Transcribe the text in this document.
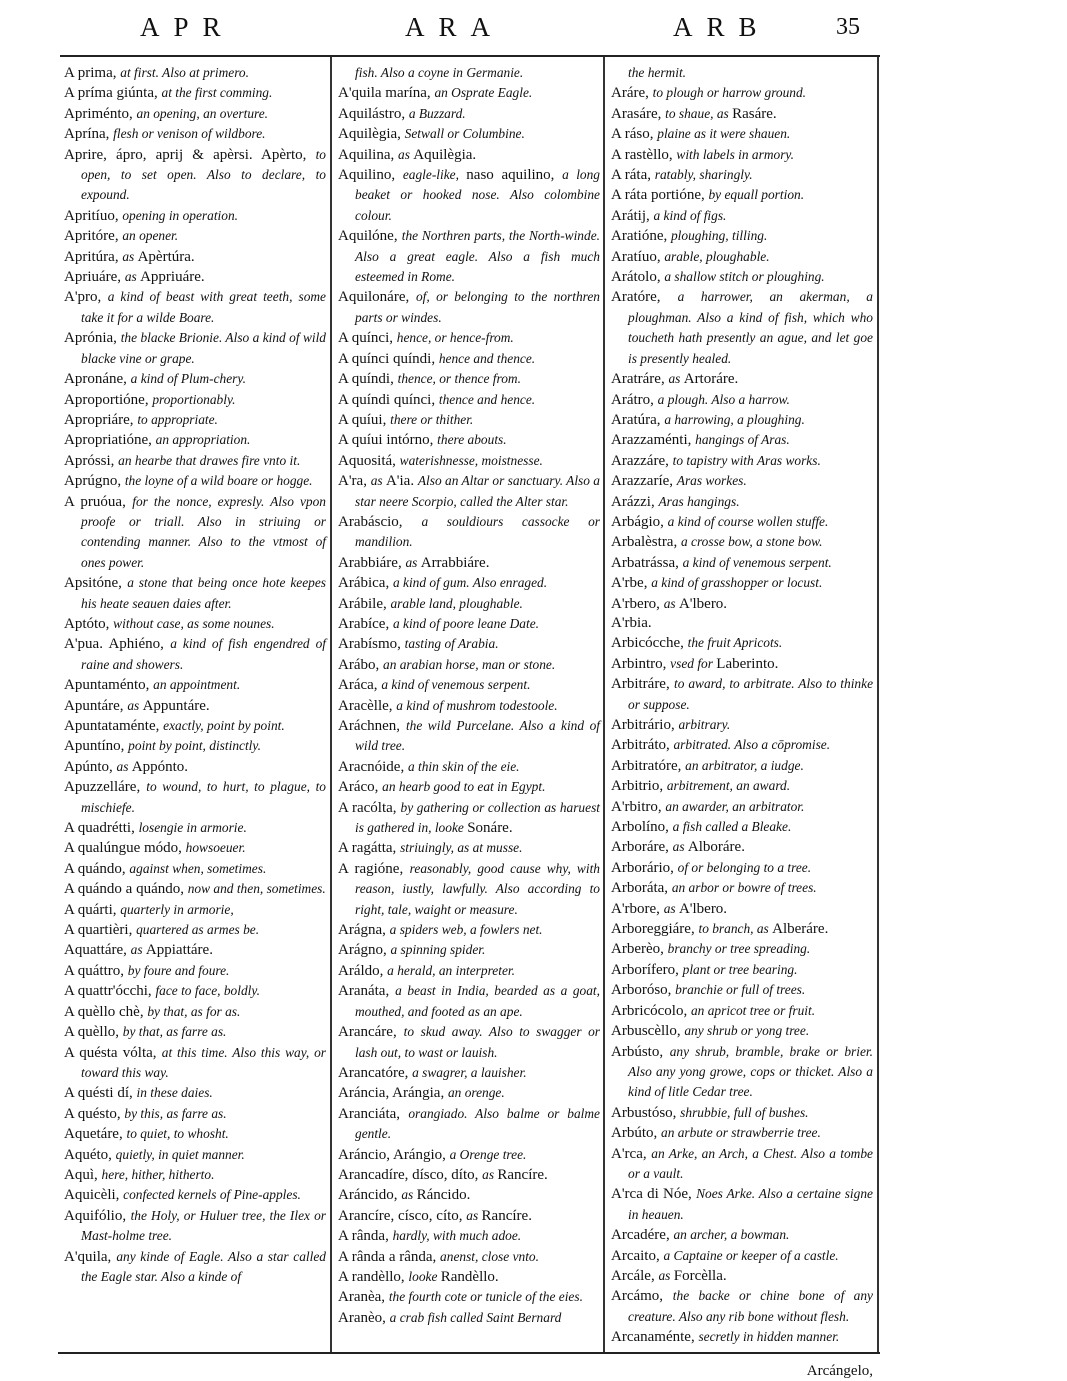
APR	ARA	ARB	35
A prima, at first. Also at primero.
A príma giúnta, at the first comming.
Apriménto, an opening, an overture.
Aprína, flesh or venison of wildbore.
Aprire, ápro, aprij & apèrsi. Apèrto, to open, to set open. Also to declare, to expound.
Apritíuo, opening in operation.
Apritóre, an opener.
Apritúra, as Apèrtúra.
Apriuáre, as Appriuáre.
A'pro, a kind of beast with great teeth, some take it for a wilde Boare.
Aprónia, the blacke Brionie. Also a kind of wild blacke vine or grape.
Apronáne, a kind of Plum-chery.
Aproportióne, proportionably.
Apropriáre, to appropriate.
Apropriatióne, an appropriation.
Apróssi, an hearbe that drawes fire vnto it.
Aprúgno, the loyne of a wild boare or hogge.
A pruóua, for the nonce, expresly. Also vpon proofe or triall. Also in striuing or contending manner. Also to the vtmost of ones power.
Apsitóne, a stone that being once hote keepes his heate seauen daies after.
Aptóto, without case, as some nounes.
A'pua. Aphiéno, a kind of fish engendred of raine and showers.
Apuntaménto, an appointment.
Apuntáre, as Appuntáre.
Apuntataménte, exactly, point by point.
Apuntíno, point by point, distinctly.
Apúnto, as Appónto.
Apuzzelláre, to wound, to hurt, to plague, to mischiefe.
A quadrétti, losengie in armorie.
A qualúngue módo, howsoeuer.
A quándo, against when, sometimes.
A quándo a quándo, now and then, sometimes.
A quárti, quarterly in armorie,
A quartièri, quartered as armes be.
Aquattáre, as Appiattáre.
A quáttro, by foure and foure.
A quattr'ócchi, face to face, boldly.
A quèllo chè, by that, as for as.
A quèllo, by that, as farre as.
A quésta vólta, at this time. Also this way, or toward this way.
A quésti dí, in these daies.
A quésto, by this, as farre as.
Aquetáre, to quiet, to whosht.
Aquéto, quietly, in quiet manner.
Aquì, here, hither, hitherto.
Aquicèli, confected kernels of Pine-apples.
Aquifólio, the Holy, or Huluer tree, the Ilex or Mast-holme tree.
A'quila, any kinde of Eagle. Also a star called the Eagle star. Also a kinde of
fish. Also a coyne in Germanie.
A'quila marína, an Osprate Eagle.
Aquilástro, a Buzzard.
Aquilègia, Setwall or Columbine.
Aquilina, as Aquilègia.
Aquilino, eagle-like, naso aquilino, a long beaket or hooked nose. Also colombine colour.
Aquilóne, the Northren parts, the North-winde. Also a great eagle. Also a fish much esteemed in Rome.
Aquilonáre, of, or belonging to the northren parts or windes.
A quínci, hence, or hence-from.
A quínci quíndi, hence and thence.
A quíndi, thence, or thence from.
A quíndi quínci, thence and hence.
A quíui, there or thither.
A quíui intórno, there abouts.
Aquositá, waterishnesse, moistnesse.
A'ra, as A'ia. Also an Altar or sanctuary. Also a star neere Scorpio, called the Alter star.
Arabáscio, a souldiours cassocke or mandilion.
Arabbiáre, as Arrabbiáre.
Arábica, a kind of gum. Also enraged.
Arábile, arable land, ploughable.
Arabíce, a kind of poore leane Date.
Arabísmo, tasting of Arabia.
Arábo, an arabian horse, man or stone.
Aráca, a kind of venemous serpent.
Aracèlle, a kind of mushrom todestoole.
Aráchnen, the wild Purcelane. Also a kind of wild tree.
Aracnóide, a thin skin of the eie.
Aráco, an hearb good to eat in Egypt.
A racólta, by gathering or collection as haruest is gathered in, looke Sonáre.
A ragátta, striuingly, as at musse.
A ragióne, reasonably, good cause why, with reason, iustly, lawfully. Also according to right, tale, waight or measure.
Arágna, a spiders web, a fowlers net.
Arágno, a spinning spider.
Aráldo, a herald, an interpreter.
Aranáta, a beast in India, bearded as a goat, mouthed, and footed as an ape.
Arancáre, to skud away. Also to swagger or lash out, to wast or lauish.
Arancatóre, a swagrer, a lauisher.
Aráncia, Arángia, an orenge.
Aranciáta, orangiado. Also balme or balme gentle.
Aráncio, Arángio, a Orenge tree.
Arancadíre, dísco, díto, as Rancíre.
Aráncido, as Ráncido.
Arancíre, císco, cíto, as Rancíre.
A rânda, hardly, with much adoe.
A rânda a rânda, anenst, close vnto.
A randèllo, looke Randèllo.
Aranèa, the fourth cote or tunicle of the eies.
Aranèo, a crab fish called Saint Bernard
the hermit.
Aráre, to plough or harrow ground.
Arasáre, to shaue, as Rasáre.
A ráso, plaine as it were shauen.
A rastèllo, with labels in armory.
A ráta, ratably, sharingly.
A ráta portióne, by equall portion.
Arátij, a kind of figs.
Aratióne, ploughing, tilling.
Aratíuo, arable, ploughable.
Arátolo, a shallow stitch or ploughing.
Aratóre, a harrower, an akerman, a ploughman. Also a kind of fish, which who toucheth hath presently an ague, and let goe is presently healed.
Aratráre, as Artoráre.
Arátro, a plough. Also a harrow.
Aratúra, a harrowing, a ploughing.
Arazzaménti, hangings of Aras.
Arazzáre, to tapistry with Aras works.
Arazzaríe, Aras workes.
Arázzi, Aras hangings.
Arbágio, a kind of course wollen stuffe.
Arbalèstra, a crosse bow, a stone bow.
Arbatrássa, a kind of venemous serpent.
A'rbe, a kind of grasshopper or locust.
A'rbero, as A'lbero.
A'rbia.
Arbicócche, the fruit Apricots.
Arbintro, vsed for Laberinto.
Arbitráre, to award, to arbitrate. Also to thinke or suppose.
Arbitrário, arbitrary.
Arbitráto, arbitrated. Also a cōpromise.
Arbitratóre, an arbitrator, a iudge.
Arbitrio, arbitrement, an award.
A'rbitro, an awarder, an arbitrator.
Arbolíno, a fish called a Bleake.
Arboráre, as Alboráre.
Arborário, of or belonging to a tree.
Arboráta, an arbor or bowre of trees.
A'rbore, as A'lbero.
Arboreggiáre, to branch, as Alberáre.
Arberèo, branchy or tree spreading.
Arborífero, plant or tree bearing.
Arboróso, branchie or full of trees.
Arbricócolo, an apricot tree or fruit.
Arbuscèllo, any shrub or yong tree.
Arbústo, any shrub, bramble, brake or brier. Also any yong growe, cops or thicket. Also a kind of litle Cedar tree.
Arbustóso, shrubbie, full of bushes.
Arbúto, an arbute or strawberrie tree.
A'rca, an Arke, an Arch, a Chest. Also a tombe or a vault.
A'rca di Nóe, Noes Arke. Also a certaine signe in heauen.
Arcadére, an archer, a bowman.
Arcaito, a Captaine or keeper of a castle.
Arcále, as Forcèlla.
Arcámo, the backe or chine bone of any creature. Also any rib bone without flesh.
Arcanaménte, secretly in hidden manner.
Arcángelo,
